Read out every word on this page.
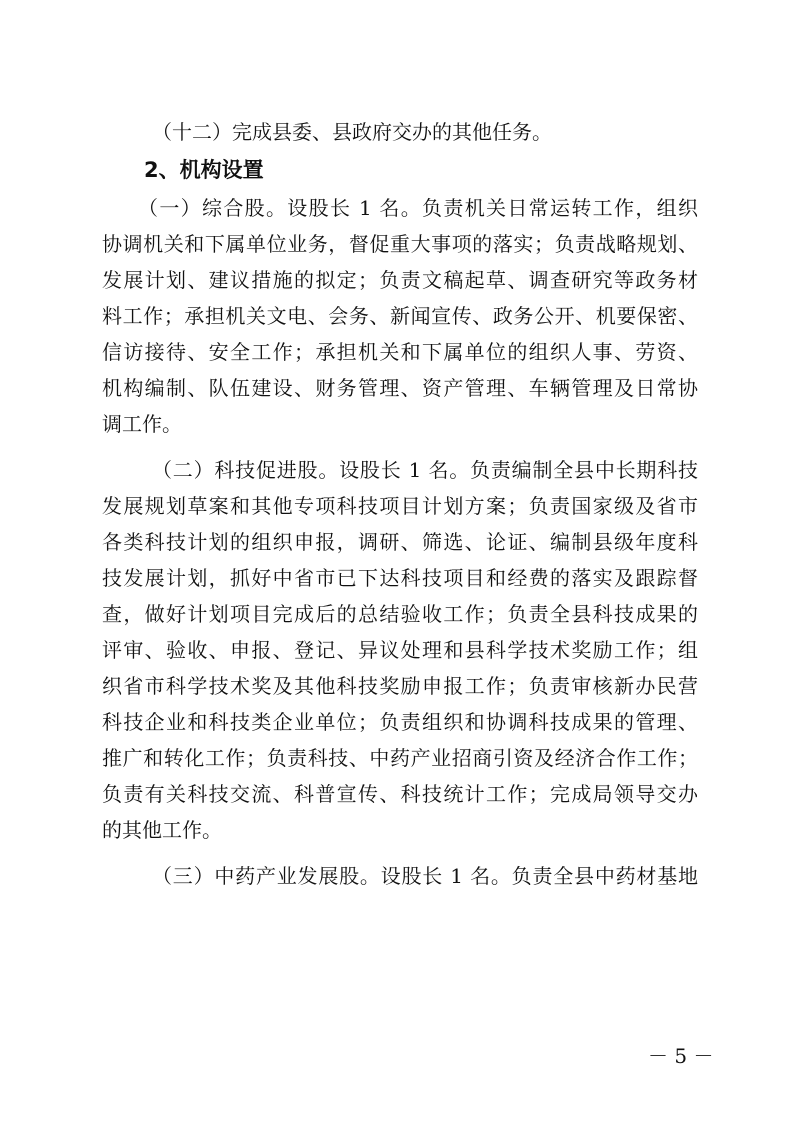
（十二）完成县委、县政府交办的其他任务。
2、机构设置
（一）综合股。设股长 1 名。负责机关日常运转工作，组织
协调机关和下属单位业务，督促重大事项的落实；负责战略规划、
发展计划、建议措施的拟定；负责文稿起草、调查研究等政务材
料工作；承担机关文电、会务、新闻宣传、政务公开、机要保密、
信访接待、安全工作；承担机关和下属单位的组织人事、劳资、
机构编制、队伍建设、财务管理、资产管理、车辆管理及日常协
调工作。
（二）科技促进股。设股长 1 名。负责编制全县中长期科技
发展规划草案和其他专项科技项目计划方案；负责国家级及省市
各类科技计划的组织申报，调研、筛选、论证、编制县级年度科
技发展计划，抓好中省市已下达科技项目和经费的落实及跟踪督
查，做好计划项目完成后的总结验收工作；负责全县科技成果的
评审、验收、申报、登记、异议处理和县科学技术奖励工作；组
织省市科学技术奖及其他科技奖励申报工作；负责审核新办民营
科技企业和科技类企业单位；负责组织和协调科技成果的管理、
推广和转化工作；负责科技、中药产业招商引资及经济合作工作；
负责有关科技交流、科普宣传、科技统计工作；完成局领导交办
的其他工作。
（三）中药产业发展股。设股长 1 名。负责全县中药材基地
－ 5 －
